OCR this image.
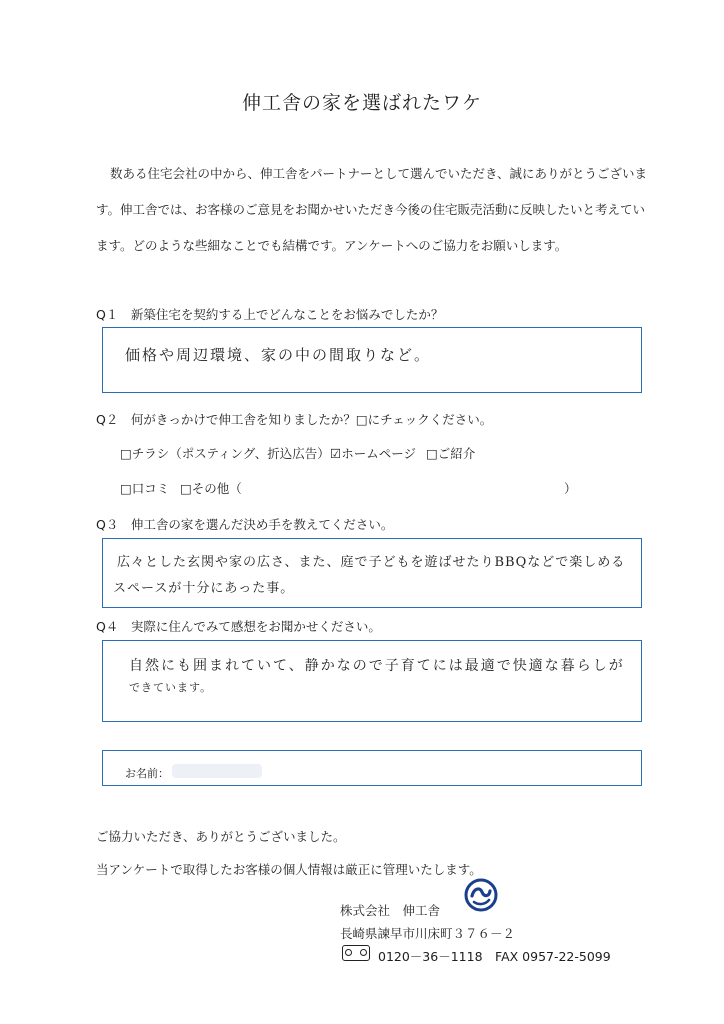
伸工舎の家を選ばれたワケ
数ある住宅会社の中から、伸工舎をパートナーとして選んでいただき、誠にありがとうございま
す。伸工舎では、お客様のご意見をお聞かせいただき今後の住宅販売活動に反映したいと考えてい
ます。どのような些細なことでも結構です。アンケートへのご協力をお願いします。
Q１　新築住宅を契約する上でどんなことをお悩みでしたか？
価格や周辺環境、家の中の間取りなど。
Q２　何がきっかけで伸工舎を知りましたか？□にチェックください。
□チラシ（ポスティング、折込広告） ☑ホームページ □ご紹介
□口コミ □その他（	）
Q３　伸工舎の家を選んだ決め手を教えてください。
広々とした玄関や家の広さ、また、庭で子どもを遊ばせたりBBQなどで楽しめる
スペースが十分にあった事。
Q４　実際に住んでみて感想をお聞かせください。
自然にも囲まれていて、静かなので子育てには最適で快適な暮らしが
できています。
お名前：
ご協力いただき、ありがとうございました。
当アンケートで取得したお客様の個人情報は厳正に管理いたします。
株式会社　伸工舎
長崎県諫早市川床町３７６－２
0120－36－1118　FAX 0957-22-5099
